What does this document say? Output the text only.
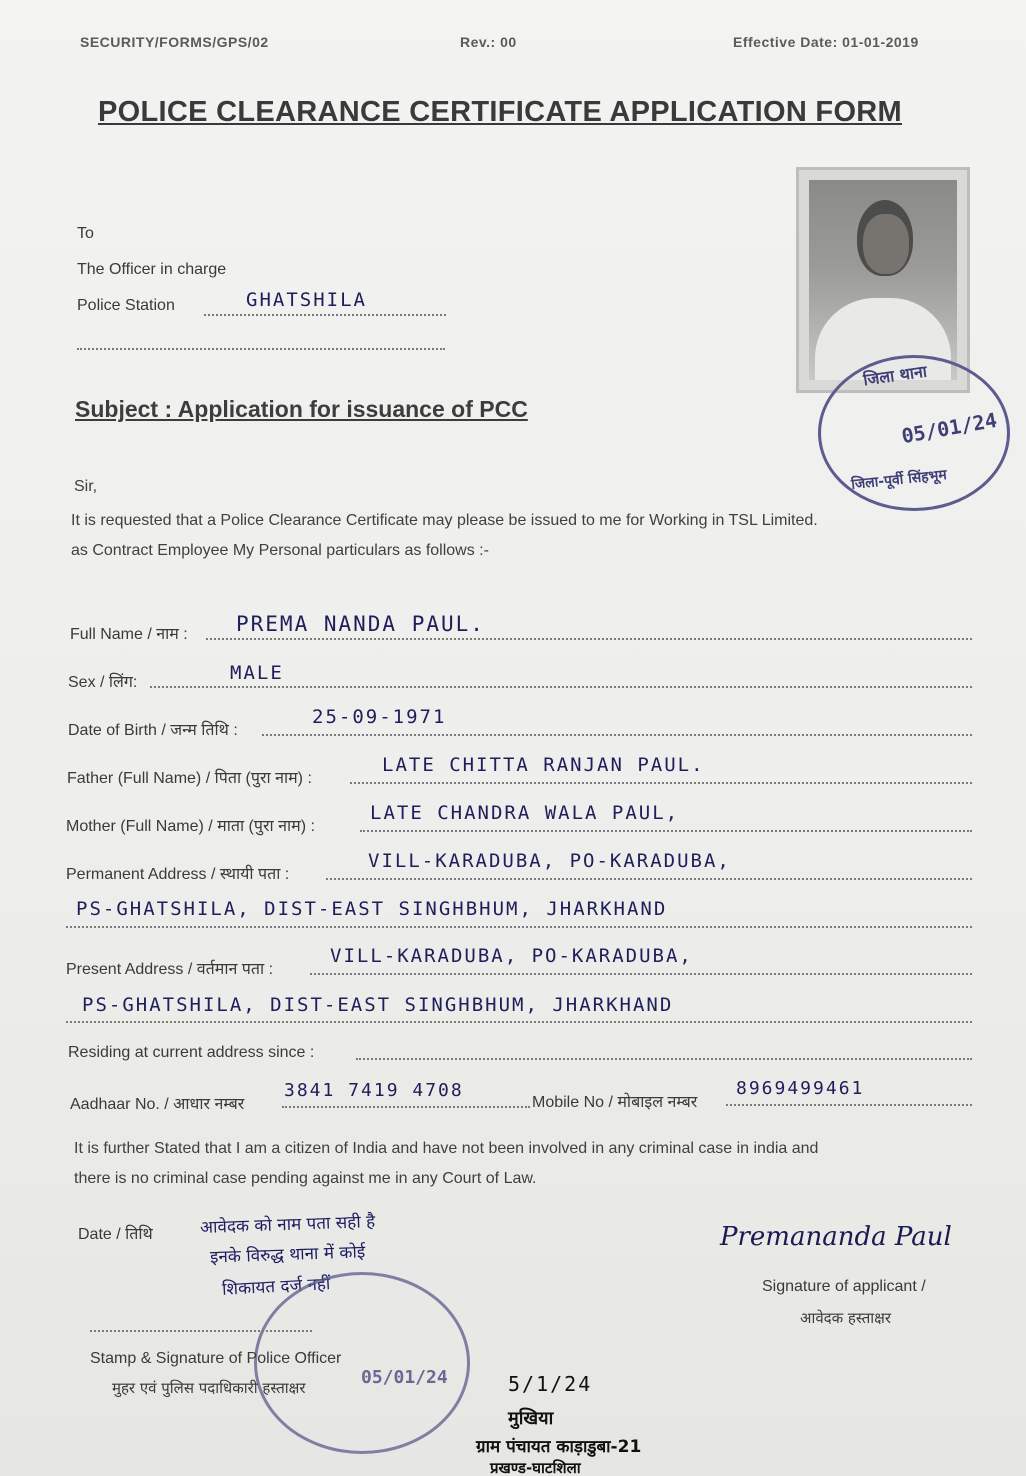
SECURITY/FORMS/GPS/02	Rev.: 00	Effective Date: 01-01-2019
POLICE CLEARANCE CERTIFICATE APPLICATION FORM
जिला थाना
05/01/24
जिला-पूर्वी सिंहभूम
To
The Officer in charge
Police Station	GHATSHILA
Subject : Application for issuance of PCC
Sir,
It is requested that a Police Clearance Certificate may please be issued to me for Working in TSL Limited.
as Contract Employee My Personal particulars as follows :-
Full Name / नाम : PREMA NANDA PAUL.
Sex / लिंग:	MALE
Date of Birth / जन्म तिथि :
25-09-1971
Father (Full Name) / पिता (पुरा नाम) :
LATE CHITTA RANJAN PAUL.
Mother (Full Name) / माता (पुरा नाम) :
LATE CHANDRA WALA PAUL,
Permanent Address / स्थायी पता :
VILL-KARADUBA, PO-KARADUBA,
PS-GHATSHILA, DIST-EAST SINGHBHUM, JHARKHAND
Present Address / वर्तमान पता :
VILL-KARADUBA, PO-KARADUBA,
PS-GHATSHILA, DIST-EAST SINGHBHUM, JHARKHAND
Residing at current address since :
Aadhaar No. / आधार नम्बर
3841 7419 4708
Mobile No / मोबाइल नम्बर
8969499461
It is further Stated that I am a citizen of India and have not been involved in any criminal case in india and
there is no criminal case pending against me in any Court of Law.
Date / तिथि	आवेदक को नाम पता सही है
इनके विरुद्ध थाना में कोई
शिकायत दर्ज नहीं
05/01/24
Stamp & Signature of Police Officer
मुहर एवं पुलिस पदाधिकारी हस्ताक्षर
Premananda Paul
Signature of applicant /
आवेदक हस्ताक्षर
5/1/24
मुखिया
ग्राम पंचायत काड़ाडुबा-21
प्रखण्ड-घाटशिला
